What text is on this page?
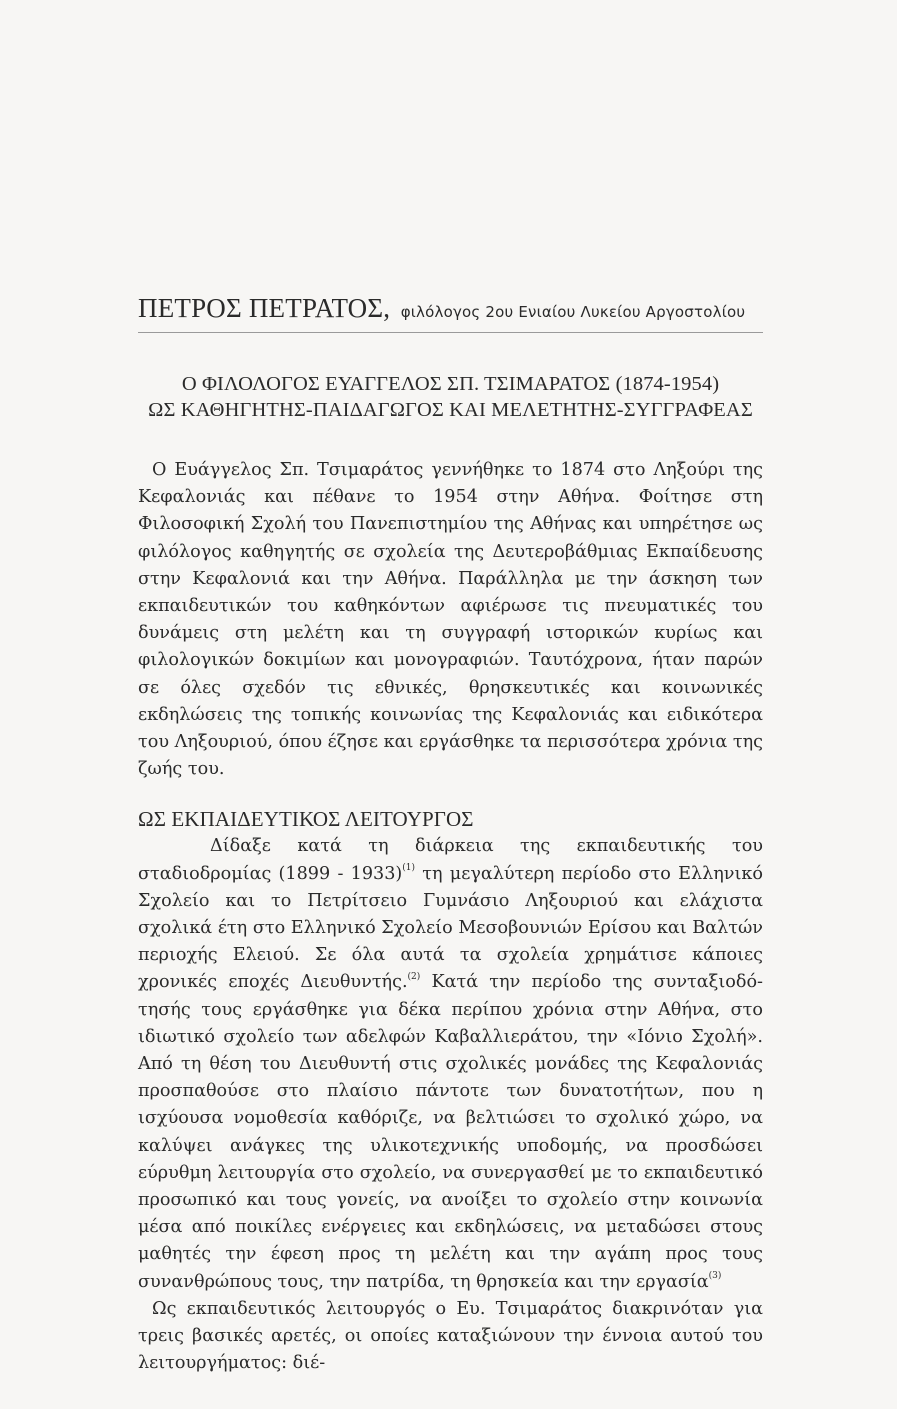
ΠΕΤΡΟΣ ΠΕΤΡΑΤΟΣ, φιλόλογος 2ου Ενιαίου Λυκείου Αργοστολίου
Ο ΦΙΛΟΛΟΓΟΣ ΕΥΑΓΓΕΛΟΣ ΣΠ. ΤΣΙΜΑΡΑΤΟΣ (1874-1954)
ΩΣ ΚΑΘΗΓΗΤΗΣ-ΠΑΙΔΑΓΩΓΟΣ ΚΑΙ ΜΕΛΕΤΗΤΗΣ-ΣΥΓΓΡΑΦΕΑΣ

Ο Ευάγγελος Σπ. Τσιμαράτος γεννήθηκε το 1874 στο Ληξούρι της Κεφαλονιάς και πέθανε το 1954 στην Αθήνα. Φοίτησε στη Φιλοσοφική Σχολή του Πανεπιστημίου της Αθήνας και υπηρέτησε ως φιλόλογος καθηγητής σε σχολεία της Δευτεροβάθμιας Εκπαίδευσης στην Κεφαλονιά και την Αθήνα. Παράλληλα με την άσκηση των εκπαιδευτικών του καθηκόντων αφιέρωσε τις πνευματικές του δυνάμεις στη μελέτη και τη συγγραφή ιστορικών κυρίως και φιλολογικών δοκιμίων και μονογραφιών. Ταυτόχρονα, ήταν παρών σε όλες σχεδόν τις εθνικές, θρησκευτικές και κοινωνικές εκδηλώσεις της τοπικής κοινωνίας της Κεφαλονιάς και ειδικότερα του Ληξουριού, όπου έζησε και εργάσθηκε τα περισσότερα χρόνια της ζωής του.

ΩΣ ΕΚΠΑΙΔΕΥΤΙΚΟΣ ΛΕΙΤΟΥΡΓΟΣ

Δίδαξε κατά τη διάρκεια της εκπαιδευτικής του σταδιοδρομίας (1899 - 1933)$^{(1)}$ τη μεγαλύτερη περίοδο στο Ελληνικό Σχολείο και το Πετρίτσειο Γυμνάσιο Ληξουριού και ελάχιστα σχολικά έτη στο Ελληνικό Σχολείο Μεσοβουνιών Ερίσου και Βαλτών περιοχής Ελειού. Σε όλα αυτά τα σχολεία χρημάτισε κάποιες χρονικές εποχές Διευθυντής.$^{(2)}$ Κατά την περίοδο της συνταξιοδότησής τους εργάσθηκε για δέκα περίπου χρόνια στην Αθήνα, στο ιδιωτικό σχολείο των αδελφών Καβαλλιεράτου, την «Ιόνιο Σχολή». Από τη θέση του Διευθυντή στις σχολικές μονάδες της Κεφαλονιάς προσπαθούσε στο πλαίσιο πάντοτε των δυνατοτήτων, που η ισχύουσα νομοθεσία καθόριζε, να βελτιώσει το σχολικό χώρο, να καλύψει ανάγκες της υλικοτεχνικής υποδομής, να προσδώσει εύρυθμη λειτουργία στο σχολείο, να συνεργασθεί με το εκπαιδευτικό προσωπικό και τους γονείς, να ανοίξει το σχολείο στην κοινωνία μέσα από ποικίλες ενέργειες και εκδηλώσεις, να μεταδώσει στους μαθητές την έφεση προς τη μελέτη και την αγάπη προς τους συνανθρώπους τους, την πατρίδα, τη θρησκεία και την εργασία$^{(3)}$

Ως εκπαιδευτικός λειτουργός ο Ευ. Τσιμαράτος διακρινόταν για τρεις βασικές αρετές, οι οποίες καταξιώνουν την έννοια αυτού του λειτουργήματος: διέ-
